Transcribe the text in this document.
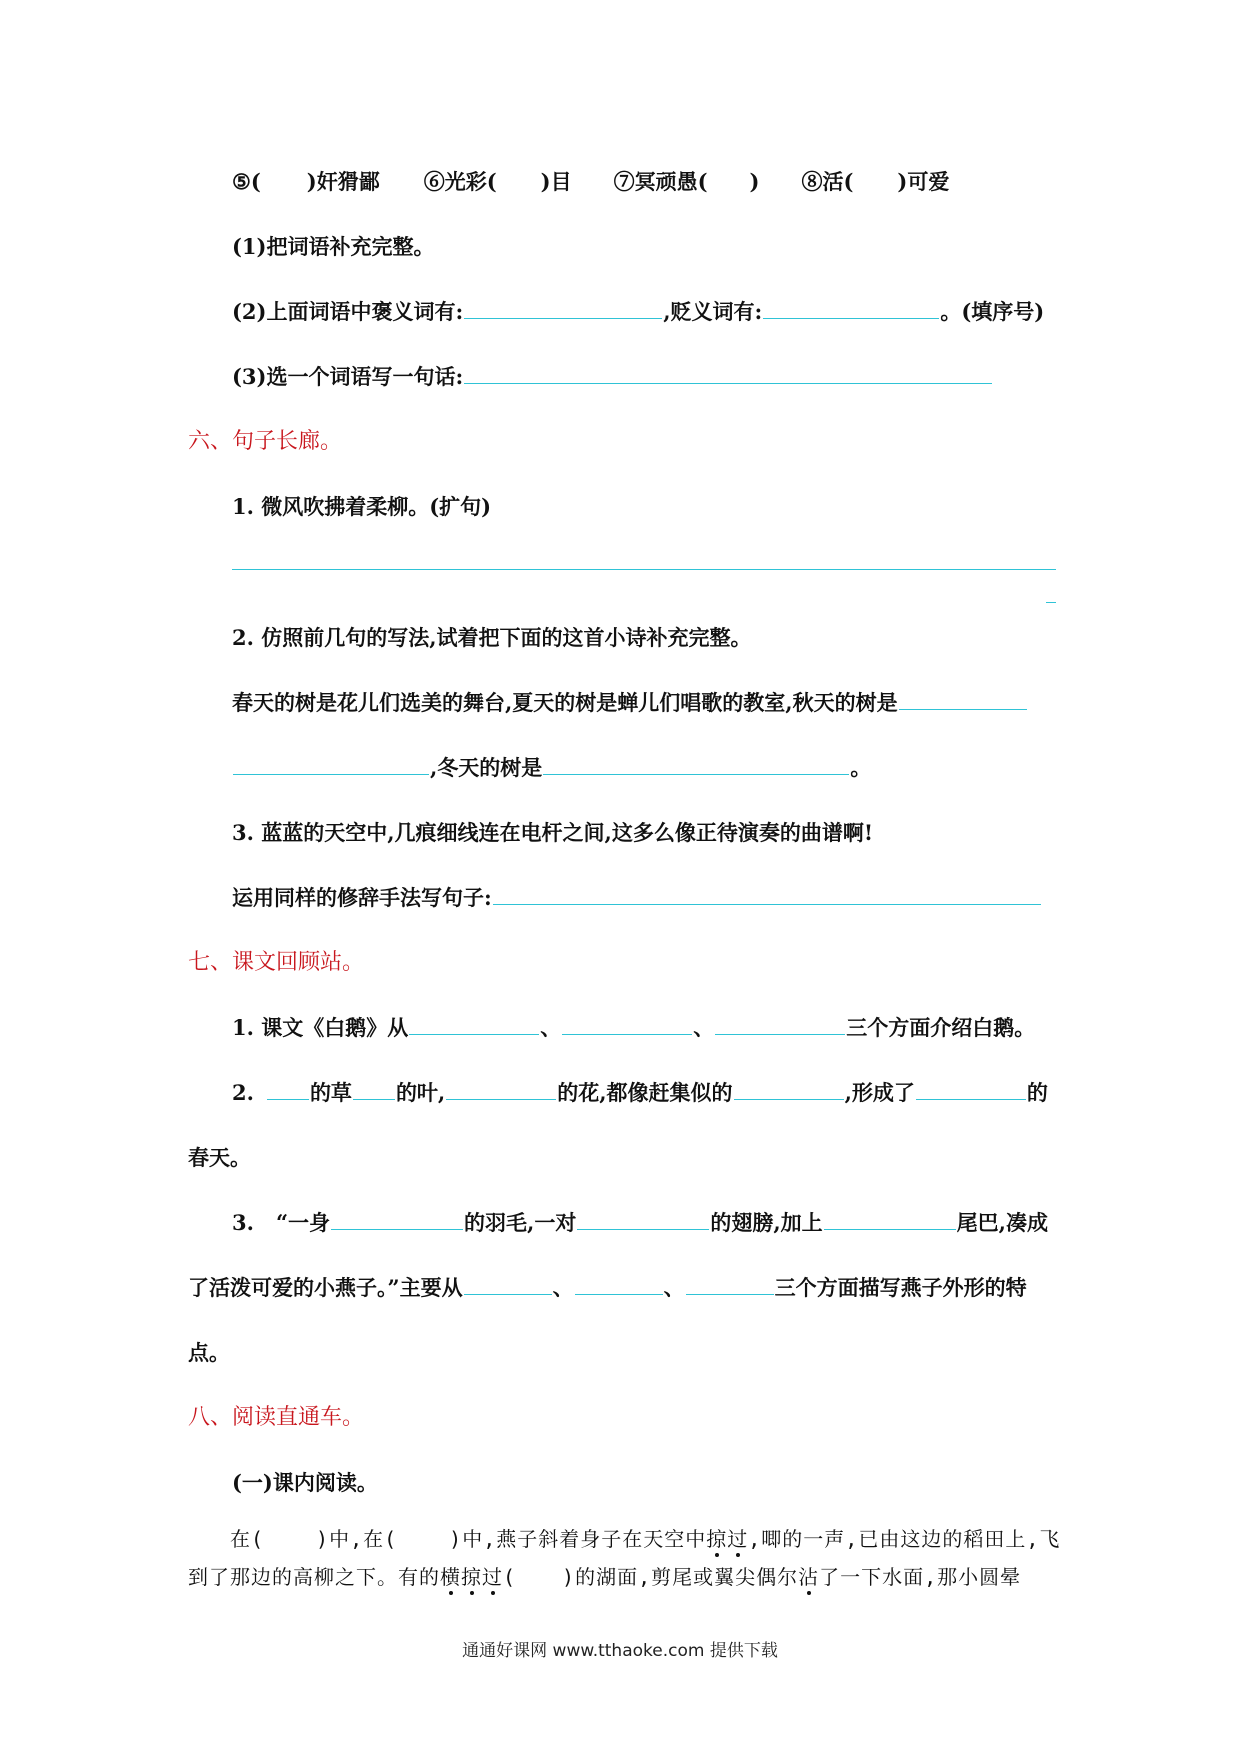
⑤( )奸猾鄙 ⑥光彩( )目 ⑦冥顽愚( ) ⑧活( )可爱
(1)把词语补充完整。
(2)上面词语中褒义词有:	,贬义词有:	。(填序号)
(3)选一个词语写一句话:
六、句子长廊。
1. 微风吹拂着柔柳。(扩句)
2. 仿照前几句的写法,试着把下面的这首小诗补充完整。
春天的树是花儿们选美的舞台,夏天的树是蝉儿们唱歌的教室,秋天的树是
,冬天的树是	。
3. 蓝蓝的天空中,几痕细线连在电杆之间,这多么像正待演奏的曲谱啊!
运用同样的修辞手法写句子:
七、课文回顾站。
1. 课文《白鹅》从	、	、	三个方面介绍白鹅。
2.	的草 的叶,	的花,都像赶集似的	,形成了	的
春天。
3. “一身	的羽毛,一对	的翅膀,加上	尾巴,凑成
了活泼可爱的小燕子。”主要从	、	、	三个方面描写燕子外形的特
点。
八、阅读直通车。
(一)课内阅读。
在(	)中,在(	)中,燕子斜着身子在天空中掠过,唧的一声,已由这边的稻田上,飞
到了那边的高柳之下。有的横掠过( )的湖面,剪尾或翼尖偶尔沾了一下水面,那小圆晕
通通好课网 www.tthaoke.com 提供下载
